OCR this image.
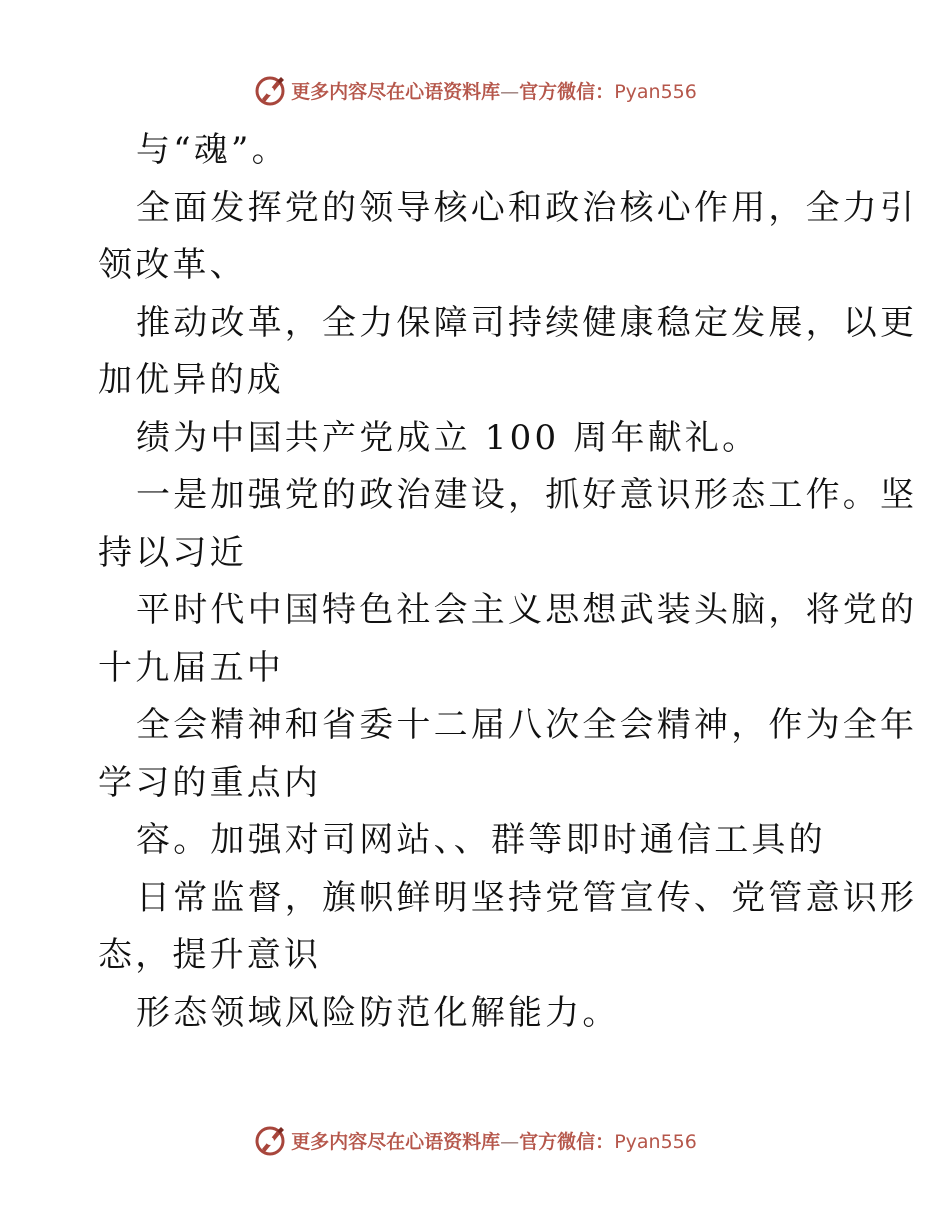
更多内容尽在心语资料库—官方微信：Pyan556
与“魂”。
全面发挥党的领导核心和政治核心作用，全力引
领改革、
推动改革，全力保障司持续健康稳定发展，以更
加优异的成
绩为中国共产党成立 100 周年献礼。
一是加强党的政治建设，抓好意识形态工作。坚
持以习近
平时代中国特色社会主义思想武装头脑，将党的
十九届五中
全会精神和省委十二届八次全会精神，作为全年
学习的重点内
容。加强对司网站、、群等即时通信工具的
日常监督，旗帜鲜明坚持党管宣传、党管意识形
态，提升意识
形态领域风险防范化解能力。
更多内容尽在心语资料库—官方微信：Pyan556
